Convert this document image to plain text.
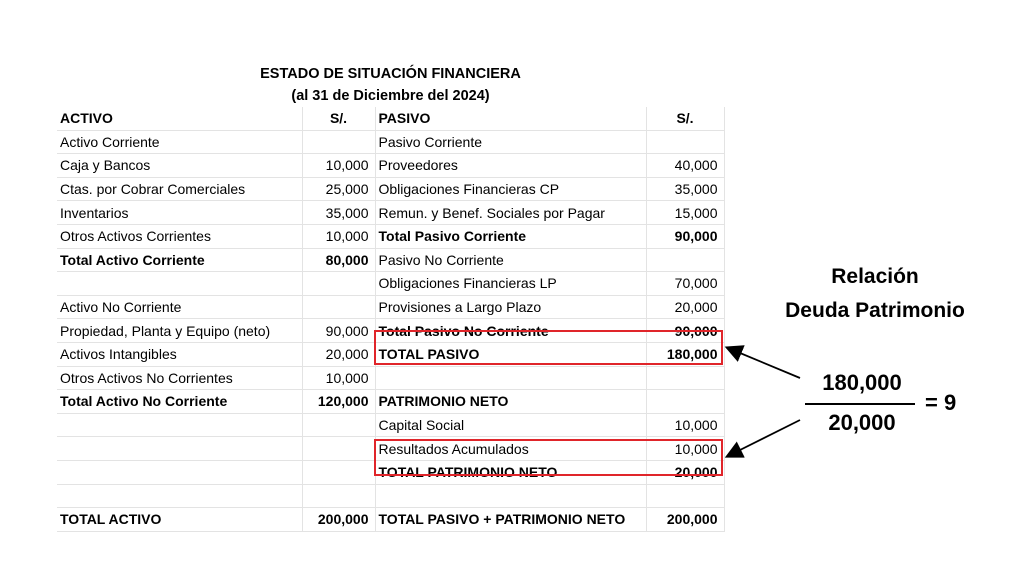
ESTADO DE SITUACIÓN FINANCIERA
(al 31 de Diciembre del 2024)
ACTIVO	S/.	PASIVO	S/.
Activo Corriente		Pasivo Corriente	
Caja y Bancos	10,000	Proveedores	40,000
Ctas. por Cobrar Comerciales	25,000	Obligaciones Financieras CP	35,000
Inventarios	35,000	Remun. y Benef. Sociales por Pagar	15,000
Otros Activos Corrientes	10,000	Total Pasivo Corriente	90,000
Total Activo Corriente	80,000	Pasivo No Corriente	
		Obligaciones Financieras LP	70,000
Activo No Corriente		Provisiones a Largo Plazo	20,000
Propiedad, Planta y Equipo (neto)	90,000	Total Pasivo No Corriente	90,000
Activos Intangibles	20,000	TOTAL PASIVO	180,000
Otros Activos No Corrientes	10,000		
Total Activo No Corriente	120,000	PATRIMONIO NETO	
		Capital Social	10,000
		Resultados Acumulados	10,000
		TOTAL PATRIMONIO NETO	20,000

TOTAL ACTIVO	200,000	TOTAL PASIVO + PATRIMONIO NETO	200,000
Relación
Deuda Patrimonio
180,000
20,000
= 9
